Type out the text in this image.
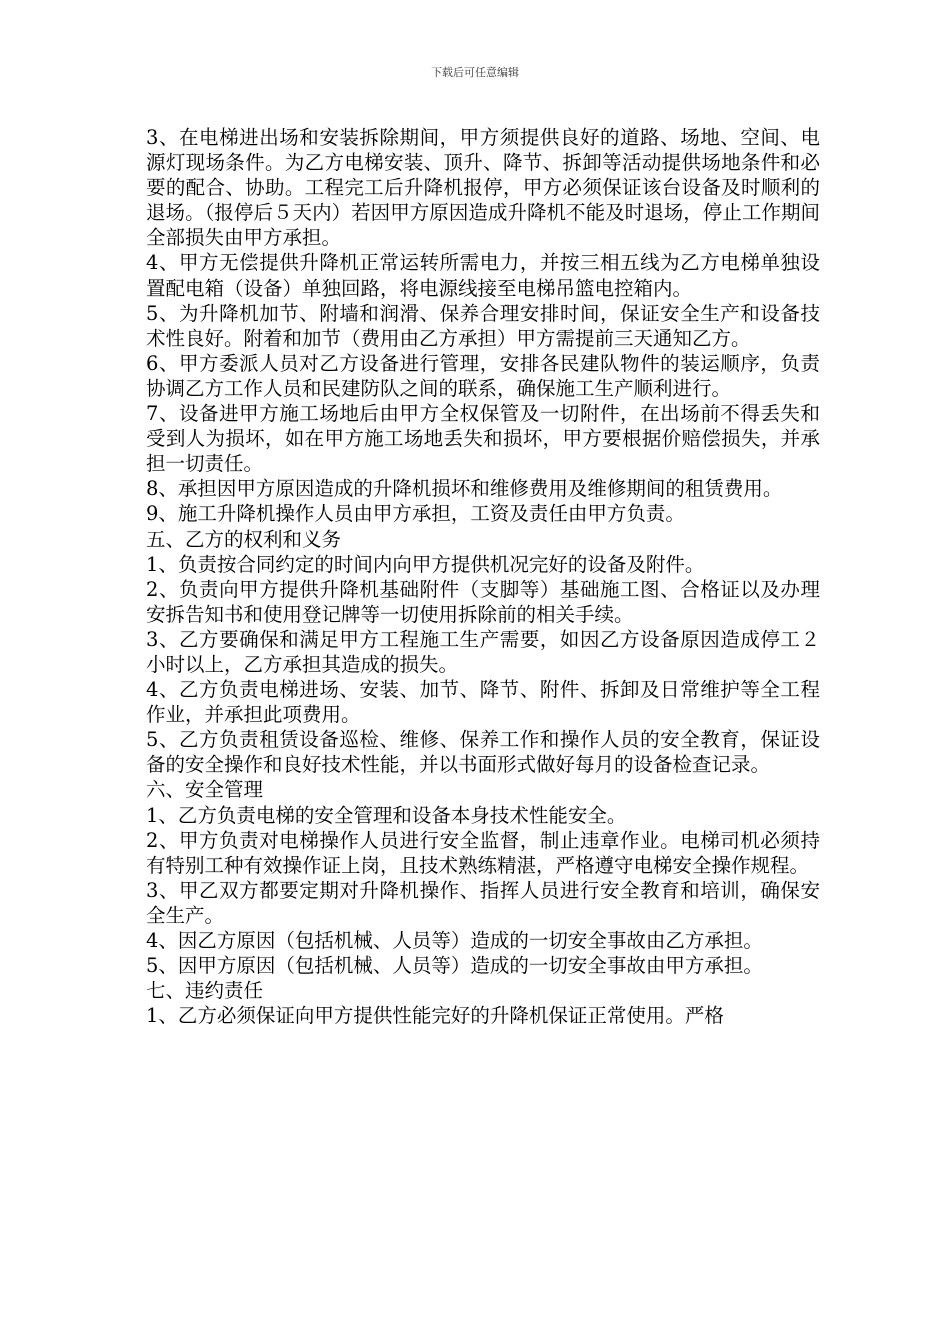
下载后可任意编辑

3、在电梯进出场和安装拆除期间，甲方须提供良好的道路、场地、空间、电源灯现场条件。为乙方电梯安装、顶升、降节、拆卸等活动提供场地条件和必要的配合、协助。工程完工后升降机报停，甲方必须保证该台设备及时顺利的退场。（报停后５天内）若因甲方原因造成升降机不能及时退场，停止工作期间全部损失由甲方承担。

4、甲方无偿提供升降机正常运转所需电力，并按三相五线为乙方电梯单独设置配电箱（设备）单独回路，将电源线接至电梯吊篮电控箱内。

5、为升降机加节、附墙和润滑、保养合理安排时间，保证安全生产和设备技术性良好。附着和加节（费用由乙方承担）甲方需提前三天通知乙方。

6、甲方委派人员对乙方设备进行管理，安排各民建队物件的装运顺序，负责协调乙方工作人员和民建防队之间的联系，确保施工生产顺利进行。

7、设备进甲方施工场地后由甲方全权保管及一切附件，在出场前不得丢失和受到人为损坏，如在甲方施工场地丢失和损坏，甲方要根据价赔偿损失，并承担一切责任。

8、承担因甲方原因造成的升降机损坏和维修费用及维修期间的租赁费用。

9、施工升降机操作人员由甲方承担，工资及责任由甲方负责。

五、乙方的权利和义务

1、负责按合同约定的时间内向甲方提供机况完好的设备及附件。

2、负责向甲方提供升降机基础附件（支脚等）基础施工图、合格证以及办理安拆告知书和使用登记牌等一切使用拆除前的相关手续。

3、乙方要确保和满足甲方工程施工生产需要，如因乙方设备原因造成停工２小时以上，乙方承担其造成的损失。

4、乙方负责电梯进场、安装、加节、降节、附件、拆卸及日常维护等全工程作业，并承担此项费用。

5、乙方负责租赁设备巡检、维修、保养工作和操作人员的安全教育，保证设备的安全操作和良好技术性能，并以书面形式做好每月的设备检查记录。

六、安全管理

1、乙方负责电梯的安全管理和设备本身技术性能安全。

2、甲方负责对电梯操作人员进行安全监督，制止违章作业。电梯司机必须持有特别工种有效操作证上岗，且技术熟练精湛，严格遵守电梯安全操作规程。

3、甲乙双方都要定期对升降机操作、指挥人员进行安全教育和培训，确保安全生产。

4、因乙方原因（包括机械、人员等）造成的一切安全事故由乙方承担。

5、因甲方原因（包括机械、人员等）造成的一切安全事故由甲方承担。

七、违约责任

1、乙方必须保证向甲方提供性能完好的升降机保证正常使用。严格
